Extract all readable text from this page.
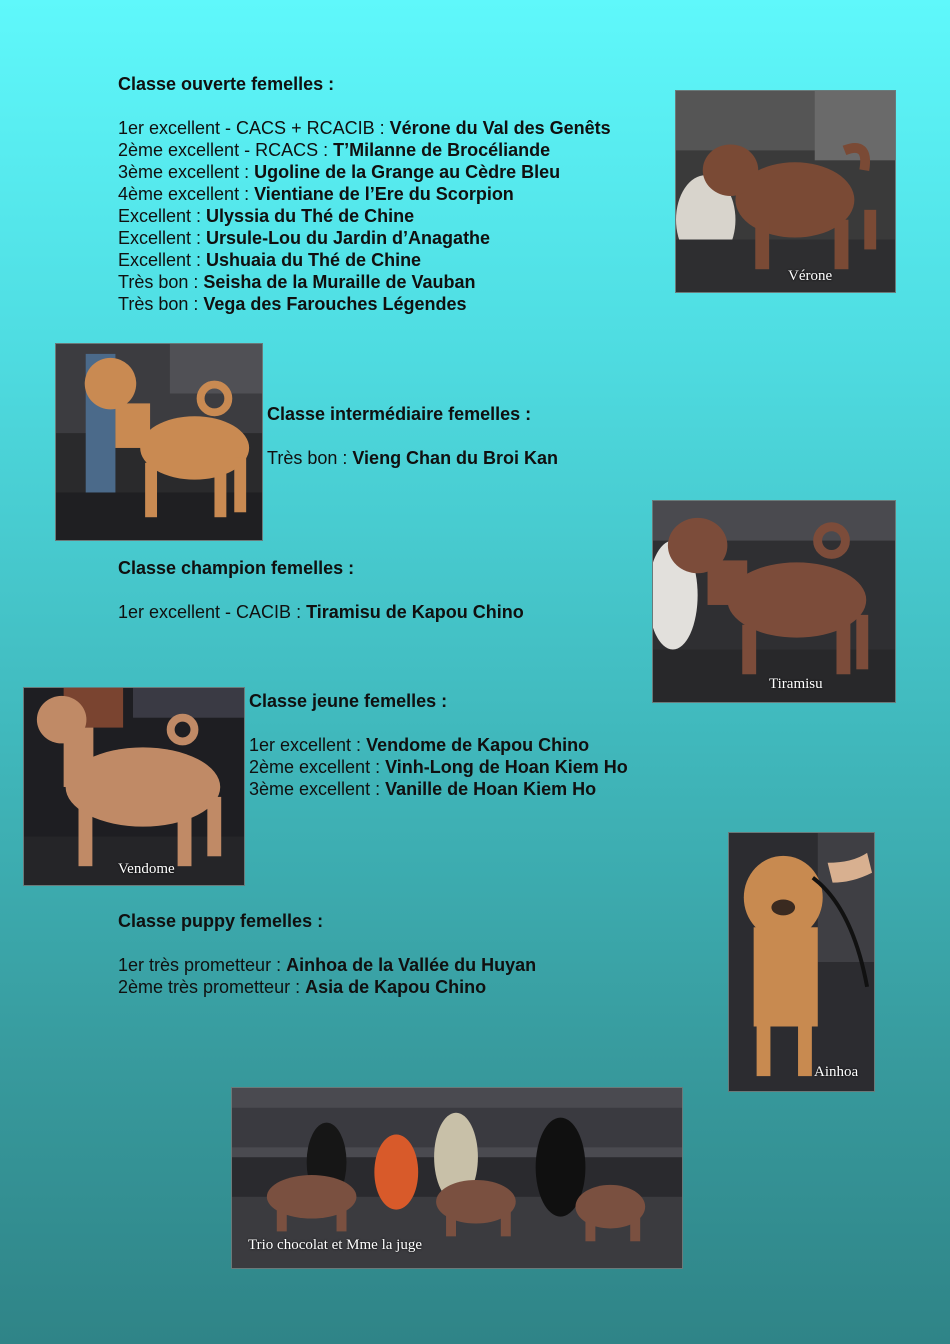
Classe ouverte femelles :
1er excellent - CACS + RCACIB : Vérone du Val des Genêts
2ème excellent - RCACS : T’Milanne de Brocéliande
3ème excellent : Ugoline de la Grange au Cèdre Bleu
4ème excellent : Vientiane de l’Ere du Scorpion
Excellent : Ulyssia du Thé de Chine
Excellent : Ursule-Lou du Jardin d’Anagathe
Excellent : Ushuaia du Thé de Chine
Très bon : Seisha de la Muraille de Vauban
Très bon : Vega des Farouches Légendes
Classe intermédiaire femelles :
Très bon : Vieng Chan du Broi Kan
Classe champion femelles :
1er excellent - CACIB : Tiramisu de Kapou Chino
Classe jeune femelles :
1er excellent : Vendome de Kapou Chino
2ème excellent : Vinh-Long de Hoan Kiem Ho
3ème excellent : Vanille de Hoan Kiem Ho
Classe puppy femelles :
1er très prometteur : Ainhoa de la Vallée du Huyan
2ème très prometteur : Asia de Kapou Chino
Vérone
Tiramisu
Vendome
Ainhoa
Trio chocolat et Mme la juge
